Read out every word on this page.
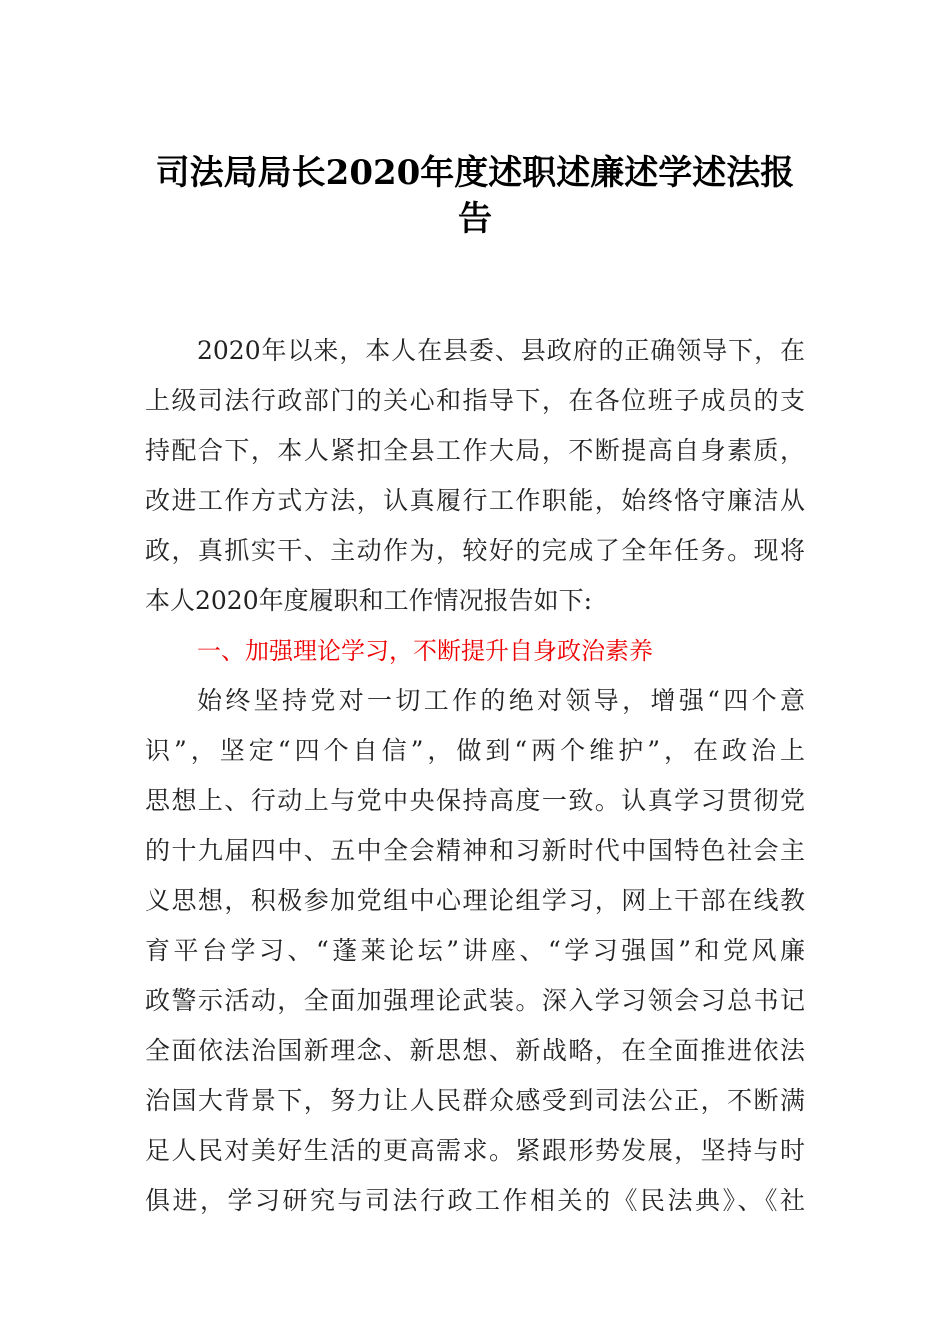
司法局局长2020年度述职述廉述学述法报
告
2020年以来，本人在县委、县政府的正确领导下，在
上级司法行政部门的关心和指导下，在各位班子成员的支
持配合下，本人紧扣全县工作大局，不断提高自身素质，
改进工作方式方法，认真履行工作职能，始终恪守廉洁从
政，真抓实干、主动作为，较好的完成了全年任务。现将
本人2020年度履职和工作情况报告如下:
一、加强理论学习，不断提升自身政治素养
始终坚持党对一切工作的绝对领导，增强“四个意
识”，坚定“四个自信”，做到“两个维护”，在政治上
思想上、行动上与党中央保持高度一致。认真学习贯彻党
的十九届四中、五中全会精神和习新时代中国特色社会主
义思想，积极参加党组中心理论组学习，网上干部在线教
育平台学习、“蓬莱论坛”讲座、“学习强国”和党风廉
政警示活动，全面加强理论武装。深入学习领会习总书记
全面依法治国新理念、新思想、新战略，在全面推进依法
治国大背景下，努力让人民群众感受到司法公正，不断满
足人民对美好生活的更高需求。紧跟形势发展，坚持与时
俱进，学习研究与司法行政工作相关的《民法典》、《社
